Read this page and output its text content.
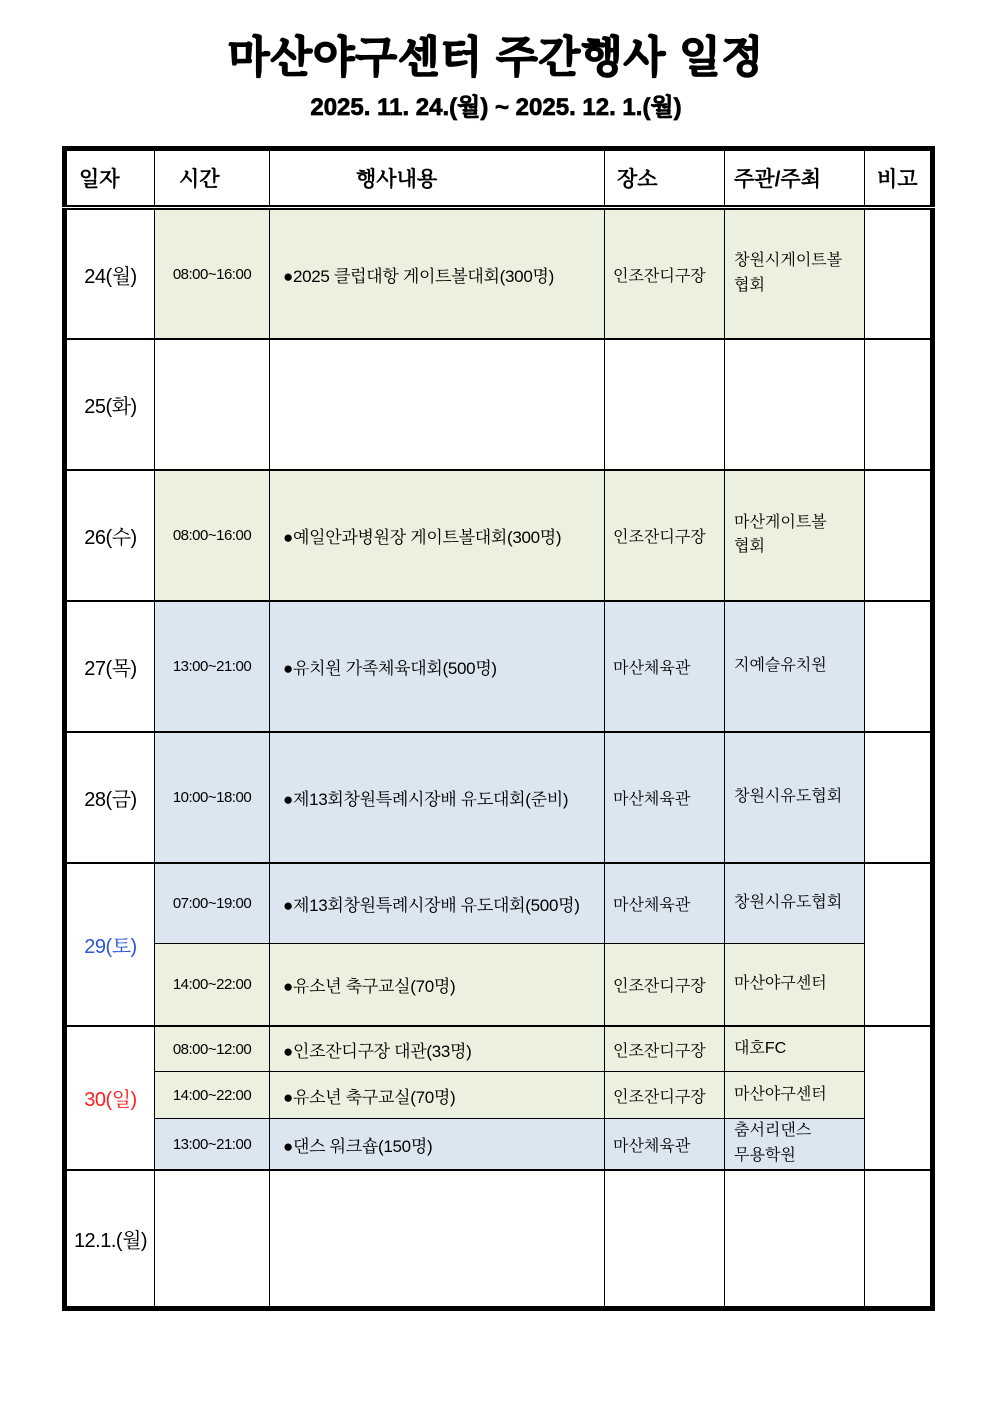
마산야구센터 주간행사 일정
2025. 11. 24.(월) ~ 2025. 12. 1.(월)
일자	시간	행사내용	장소	주관/주최	비고

24(월)	08:00~16:00	●2025 클럽대항 게이트볼대회(300명)	인조잔디구장	창원시게이트볼
협회	

25(화)					
26(수)	08:00~16:00	●예일안과병원장 게이트볼대회(300명)	인조잔디구장	마산게이트볼
협회	

27(목)	13:00~21:00	●유치원 가족체육대회(500명)	마산체육관	지예슬유치원	

28(금)	10:00~18:00	●제13회창원특례시장배 유도대회(준비)	마산체육관	창원시유도협회	

29(토)	07:00~19:00	●제13회창원특례시장배 유도대회(500명)	마산체육관	창원시유도협회	

	14:00~22:00	●유소년 축구교실(70명)	인조잔디구장	마산야구센터	

30(일)	08:00~12:00	●인조잔디구장 대관(33명)	인조잔디구장	대호FC	

	14:00~22:00	●유소년 축구교실(70명)	인조잔디구장	마산야구센터	

	13:00~21:00	●댄스 워크숍(150명)	마산체육관	춤서리댄스
무용학원	

12.1.(월)					
